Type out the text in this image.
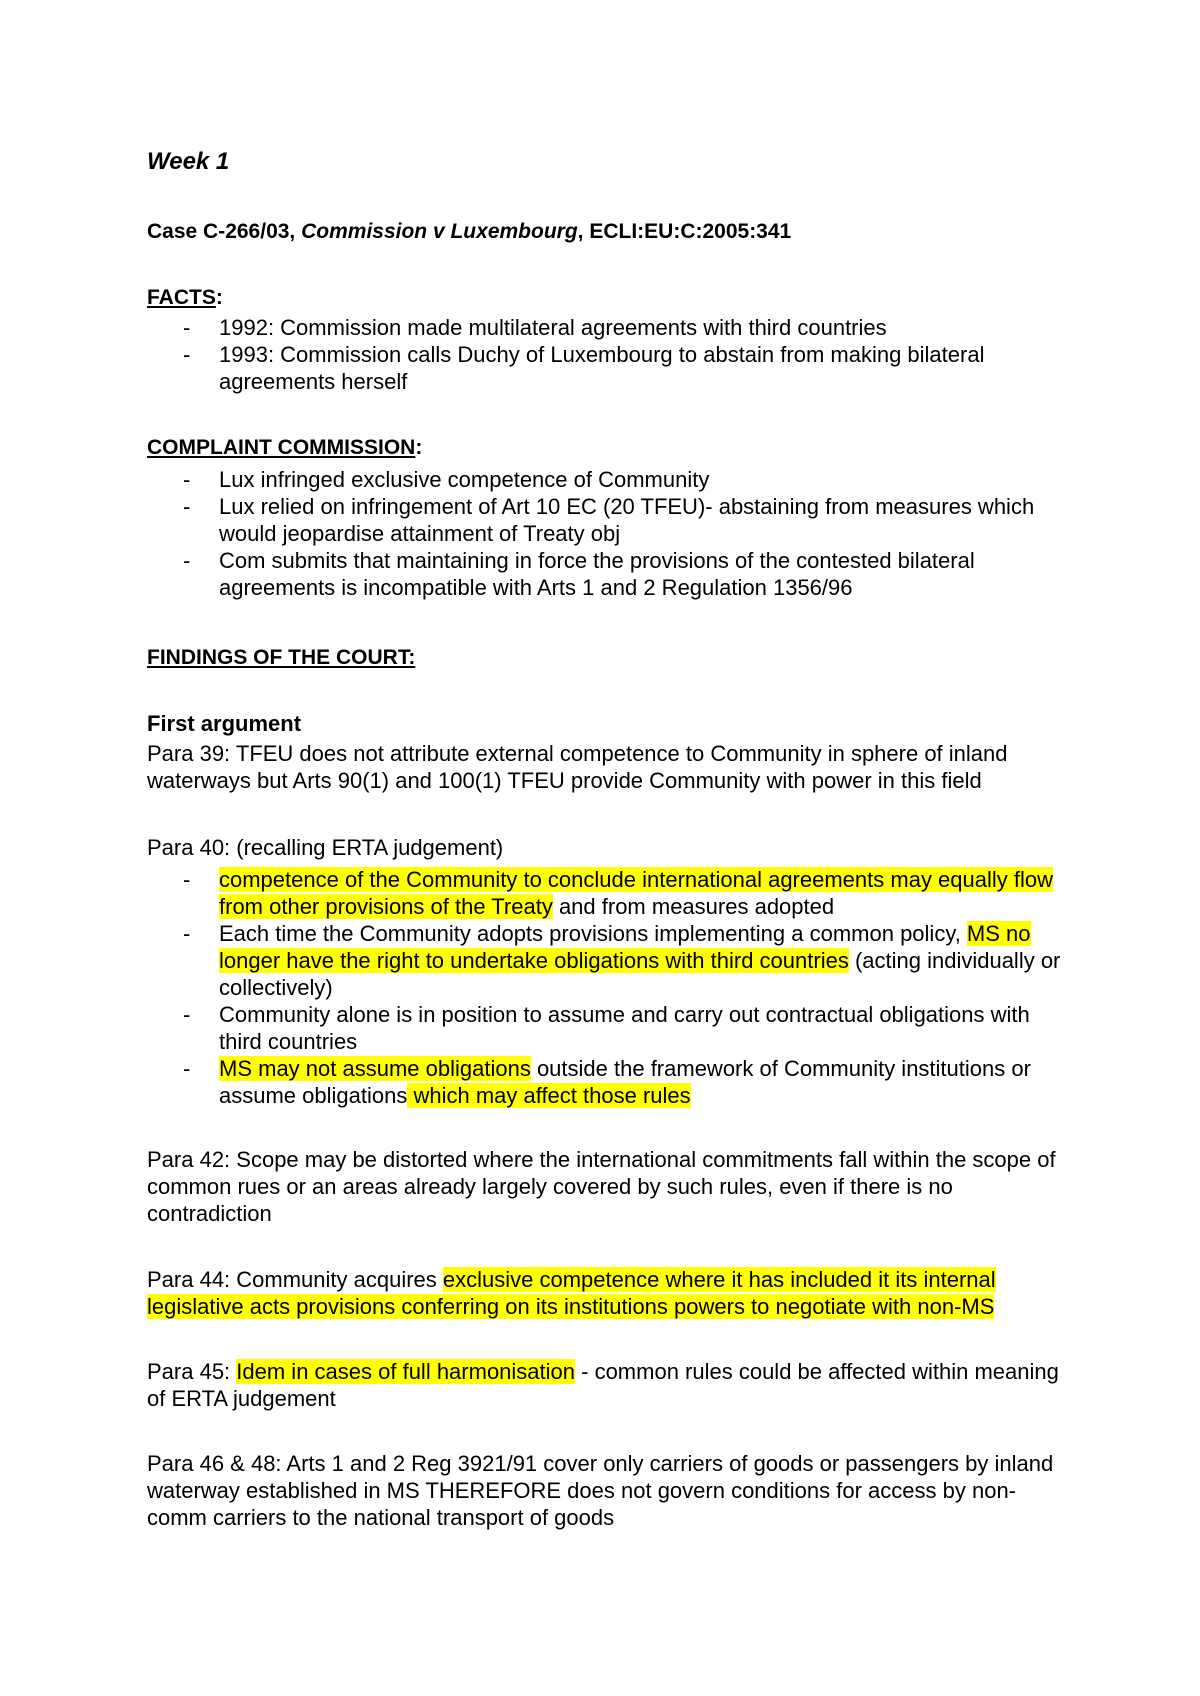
Week 1
Case C-266/03, Commission v Luxembourg, ECLI:EU:C:2005:341
FACTS:
- 1992: Commission made multilateral agreements with third countries
- 1993: Commission calls Duchy of Luxembourg to abstain from making bilateral agreements herself
COMPLAINT COMMISSION:
- Lux infringed exclusive competence of Community
- Lux relied on infringement of Art 10 EC (20 TFEU)- abstaining from measures which would jeopardise attainment of Treaty obj
- Com submits that maintaining in force the provisions of the contested bilateral agreements is incompatible with Arts 1 and 2 Regulation 1356/96
FINDINGS OF THE COURT:
First argument

Para 39: TFEU does not attribute external competence to Community in sphere of inland waterways but Arts 90(1) and 100(1) TFEU provide Community with power in this field

Para 40: (recalling ERTA judgement)

- competence of the Community to conclude international agreements may equally flow from other provisions of the Treaty and from measures adopted
- Each time the Community adopts provisions implementing a common policy, MS no longer have the right to undertake obligations with third countries (acting individually or collectively)
- Community alone is in position to assume and carry out contractual obligations with third countries
- MS may not assume obligations outside the framework of Community institutions or assume obligations which may affect those rules

Para 42: Scope may be distorted where the international commitments fall within the scope of common rues or an areas already largely covered by such rules, even if there is no contradiction

Para 44: Community acquires exclusive competence where it has included it its internal legislative acts provisions conferring on its institutions powers to negotiate with non-MS

Para 45: Idem in cases of full harmonisation - common rules could be affected within meaning of ERTA judgement

Para 46 & 48: Arts 1 and 2 Reg 3921/91 cover only carriers of goods or passengers by inland waterway established in MS THEREFORE does not govern conditions for access by non-comm carriers to the national transport of goods
